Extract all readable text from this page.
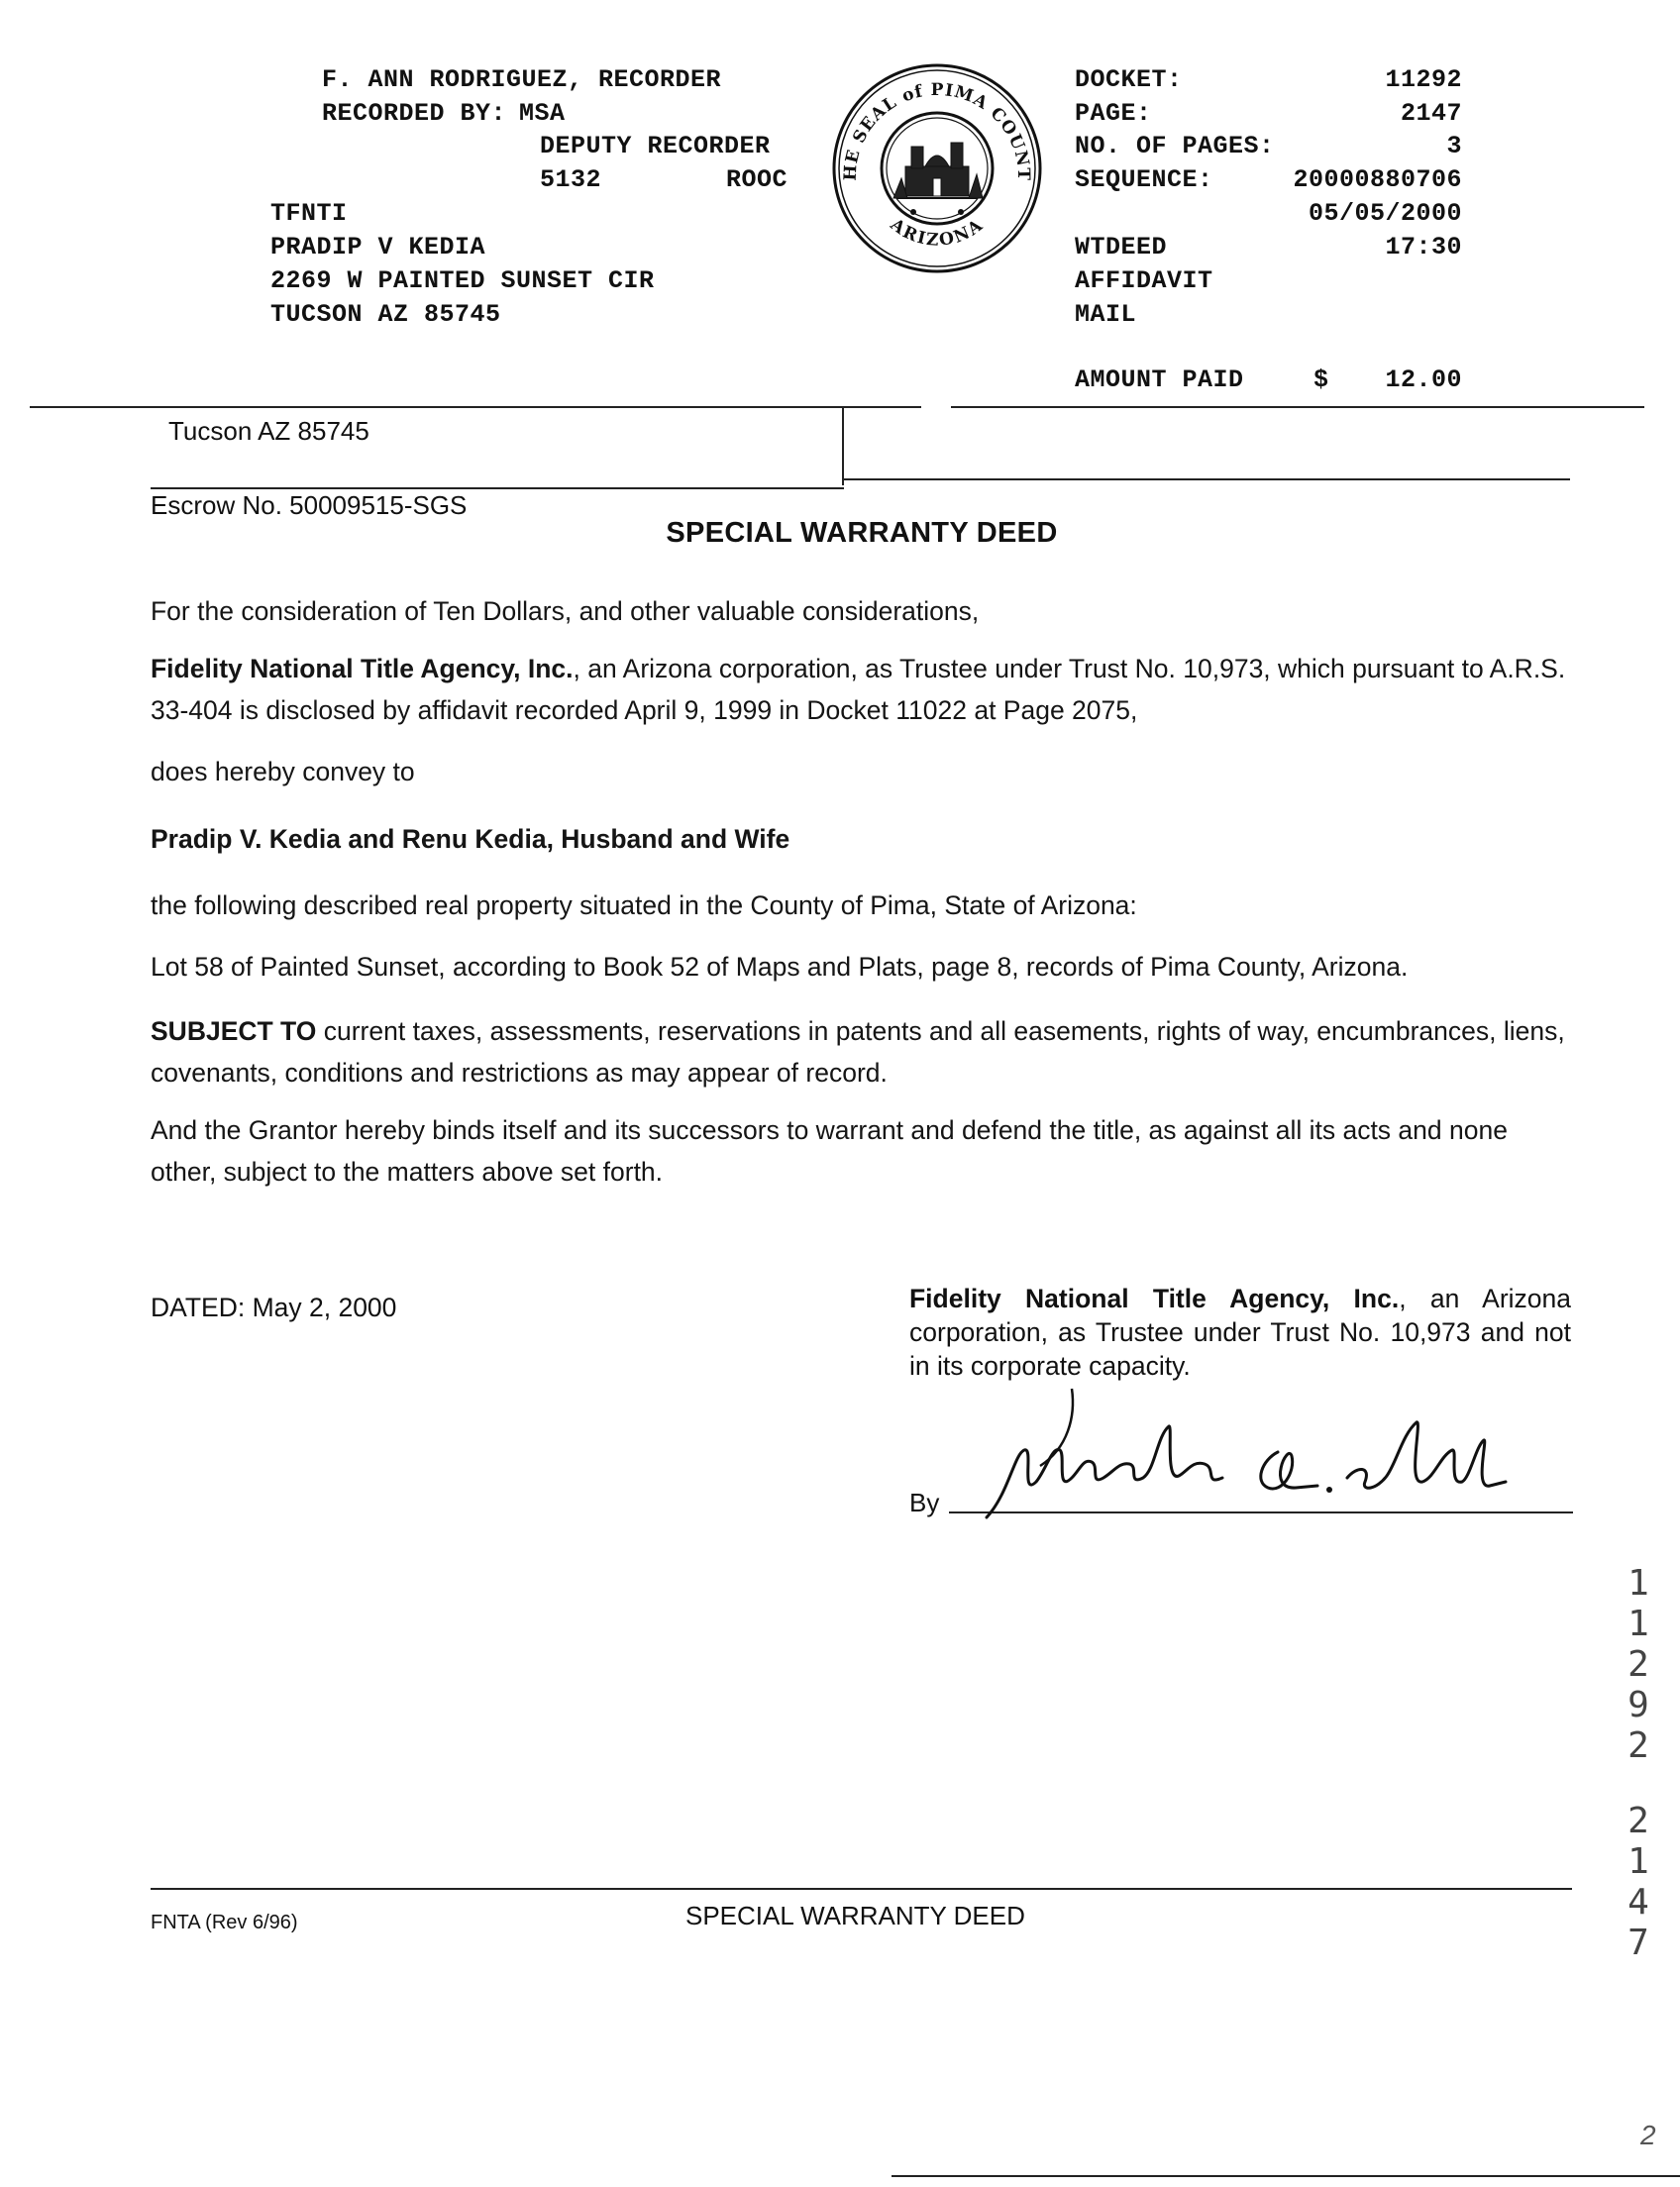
F. ANN RODRIGUEZ, RECORDER
RECORDED BY: MSA
DEPUTY RECORDER
5132	ROOC
TFNTI
PRADIP V KEDIA
2269 W PAINTED SUNSET CIR
TUCSON AZ 85745
HE SEAL of PIMA COUNT
ARIZONA
DOCKET:	11292
PAGE:	2147
NO. OF PAGES:	3
SEQUENCE:	20000880706
05/05/2000
WTDEED	17:30
AFFIDAVIT
MAIL
AMOUNT PAID	$ 12.00
Tucson AZ 85745
Escrow No. 50009515-SGS
SPECIAL WARRANTY DEED
For the consideration of Ten Dollars, and other valuable considerations,
Fidelity National Title Agency, Inc., an Arizona corporation, as Trustee under Trust No. 10,973, which pursuant to A.R.S. 33-404 is disclosed by affidavit recorded April 9, 1999 in Docket 11022 at Page 2075,
does hereby convey to
Pradip V. Kedia and Renu Kedia, Husband and Wife
the following described real property situated in the County of Pima, State of Arizona:
Lot 58 of Painted Sunset, according to Book 52 of Maps and Plats, page 8, records of Pima County, Arizona.
SUBJECT TO current taxes, assessments, reservations in patents and all easements, rights of way, encumbrances, liens, covenants, conditions and restrictions as may appear of record.
And the Grantor hereby binds itself and its successors to warrant and defend the title, as against all its acts and none other, subject to the matters above set forth.
DATED: May 2, 2000	Fidelity National Title Agency, Inc., an Arizona corporation, as Trustee under Trust No. 10,973 and not in its corporate capacity.
By
1
1
2
9
2
2
1
4
7
FNTA (Rev 6/96)	SPECIAL WARRANTY DEED
2
